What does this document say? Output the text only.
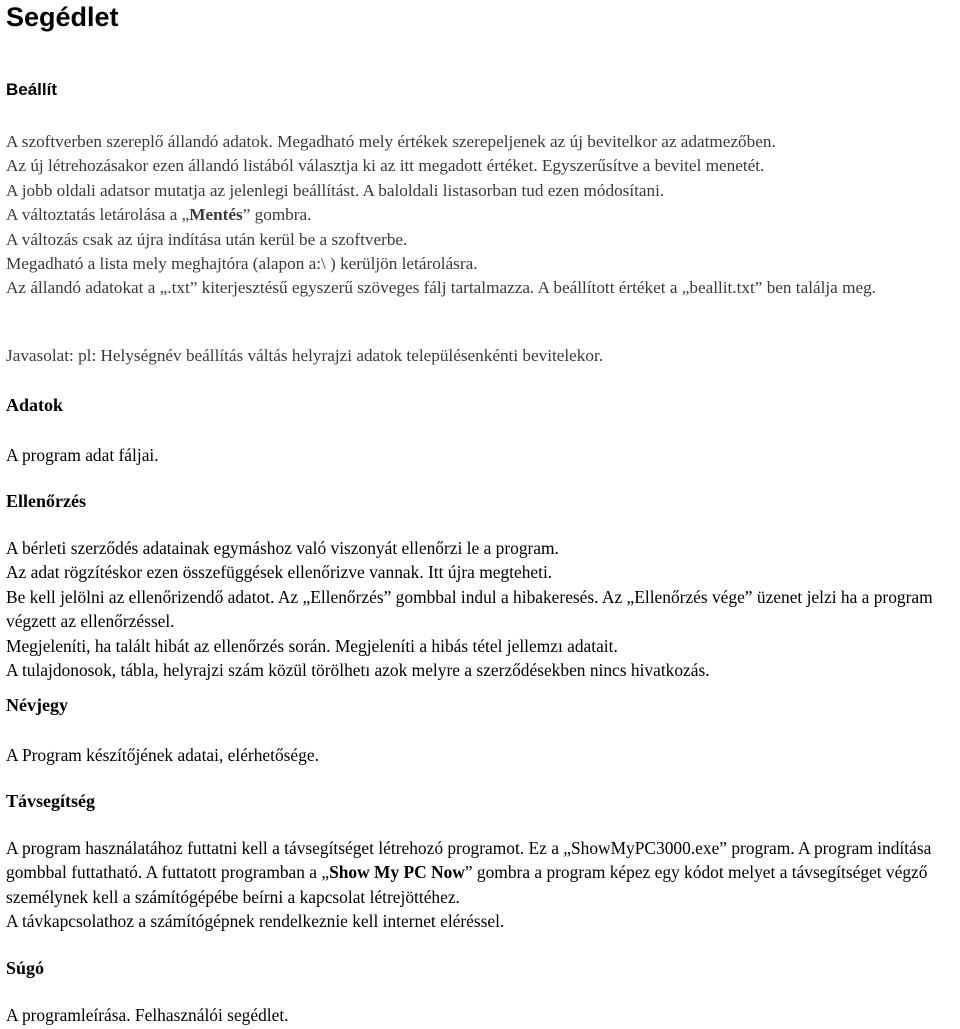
Segédlet
Beállít
A szoftverben szereplő állandó adatok. Megadható mely értékek szerepeljenek az új bevitelkor az adatmezőben.
Az új létrehozásakor ezen állandó listából választja ki az itt megadott értéket. Egyszerűsítve a bevitel menetét.
A jobb oldali adatsor mutatja az jelenlegi beállítást. A baloldali listasorban tud ezen módosítani.
A változtatás letárolása a „Mentés” gombra.
A változás csak az újra indítása után kerül be a szoftverbe.
Megadható a lista mely meghajtóra (alapon a:\ ) kerüljön letárolásra.
Az állandó adatokat a „.txt” kiterjesztésű egyszerű szöveges fálj tartalmazza. A beállított értéket a „beallit.txt” ben találja meg.

Javasolat: pl: Helységnév beállítás váltás helyrajzi adatok településenkénti bevitelekor.

Adatok

A program adat fáljai.

Ellenőrzés
A bérleti szerződés adatainak egymáshoz való viszonyát ellenőrzi le a program.
Az adat rögzítéskor ezen összefüggések ellenőrizve vannak. Itt újra megteheti.
Be kell jelölni az ellenőrizendő adatot. Az „Ellenőrzés” gombbal indul a hibakeresés. Az „Ellenőrzés vége” üzenet jelzi ha a program végzett az ellenőrzéssel.
Megjeleníti, ha talált hibát az ellenőrzés során. Megjeleníti a hibás tétel jellemzı adatait.
A tulajdonosok, tábla, helyrajzi szám közül törölhetı azok melyre a szerződésekben nincs hivatkozás.
Névjegy

A Program készítőjének adatai, elérhetősége.

Távsegítség
A program használatához futtatni kell a távsegítséget létrehozó programot. Ez a „ShowMyPC3000.exe” program. A program indítása gombbal futtatható. A futtatott programban a „Show My PC Now” gombra a program képez egy kódot melyet a távsegítséget végző személynek kell a számítógépébe beírni a kapcsolat létrejöttéhez.
A távkapcsolathoz a számítógépnek rendelkeznie kell internet eléréssel.
Súgó

A programleírása. Felhasználói segédlet.
